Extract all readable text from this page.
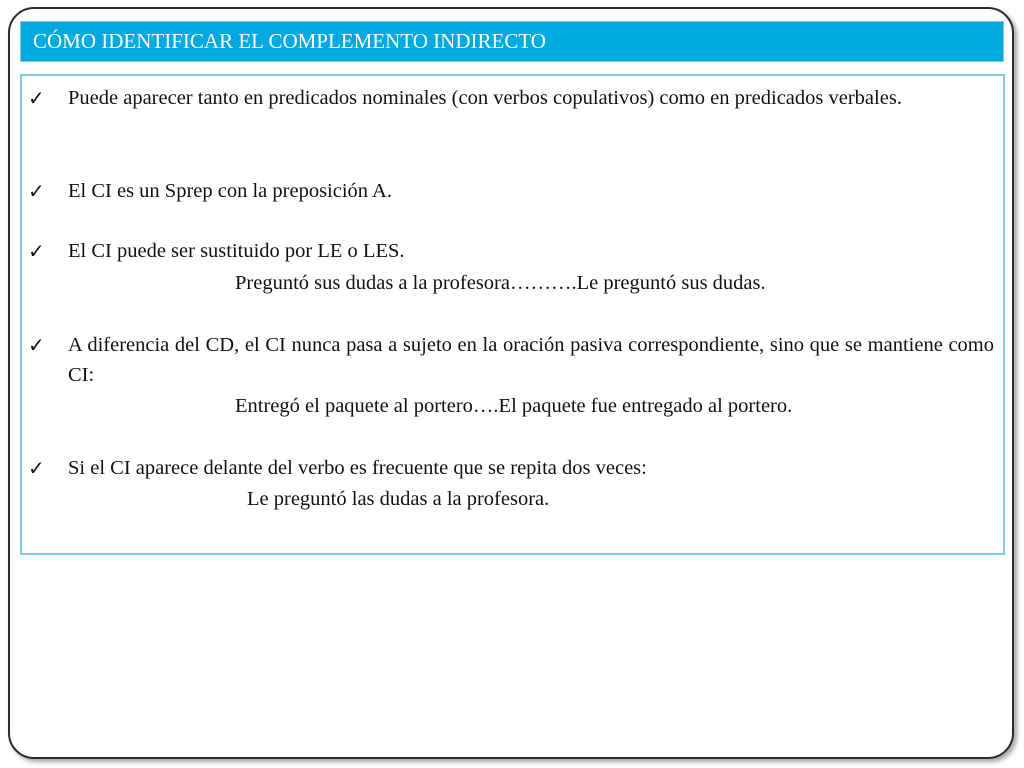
CÓMO IDENTIFICAR EL COMPLEMENTO INDIRECTO
✓ Puede aparecer tanto en predicados nominales (con verbos copulativos) como en predicados verbales.
✓ El CI es un Sprep con la preposición A.
✓ El CI puede ser sustituido por LE o LES.
Preguntó sus dudas a la profesora……….Le preguntó sus dudas.
✓ A diferencia del CD, el CI nunca pasa a sujeto en la oración pasiva correspondiente, sino que se mantiene como CI:
Entregó el paquete al portero….El paquete fue entregado al portero.
✓ Si el CI aparece delante del verbo es frecuente que se repita dos veces:
Le preguntó las dudas a la profesora.
